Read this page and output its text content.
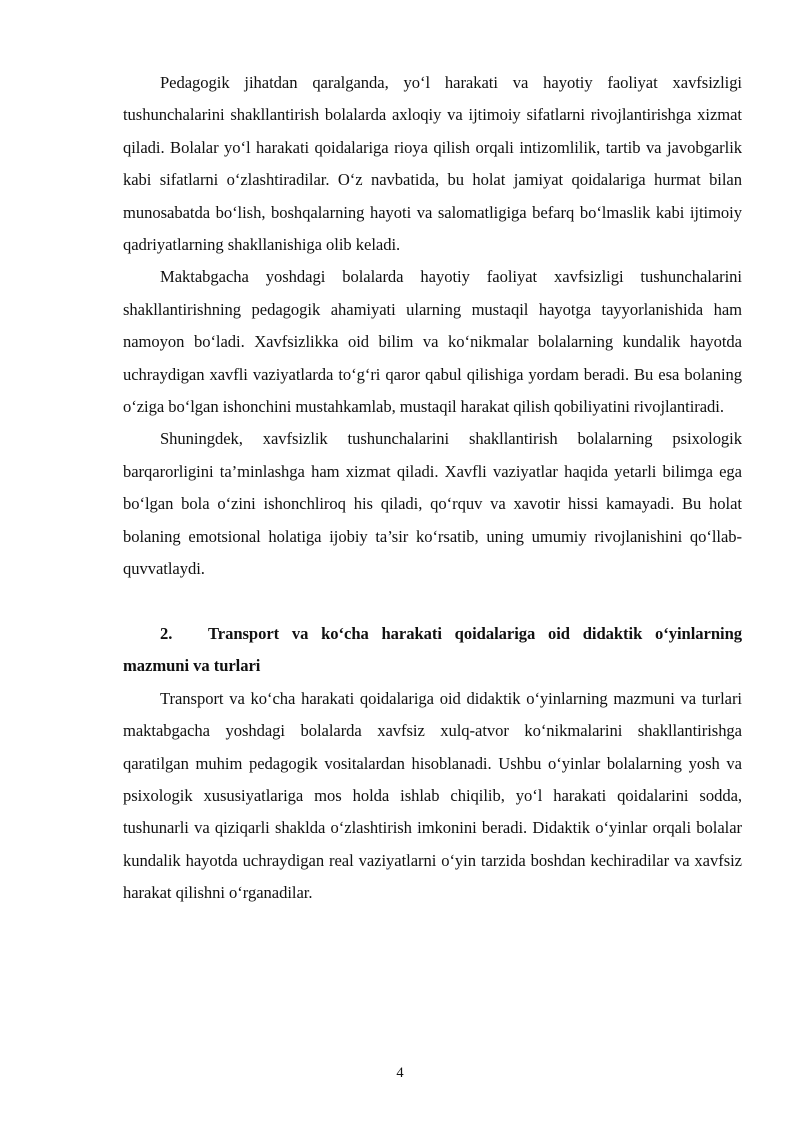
Pedagogik jihatdan qaralganda, yo‘l harakati va hayotiy faoliyat xavfsizligi tushunchalarini shakllantirish bolalarda axloqiy va ijtimoiy sifatlarni rivojlantirishga xizmat qiladi. Bolalar yo‘l harakati qoidalariga rioya qilish orqali intizomlilik, tartib va javobgarlik kabi sifatlarni o‘zlashtiradilar. O‘z navbatida, bu holat jamiyat qoidalariga hurmat bilan munosabatda bo‘lish, boshqalarning hayoti va salomatligiga befarq bo‘lmaslik kabi ijtimoiy qadriyatlarning shakllanishiga olib keladi.

Maktabgacha yoshdagi bolalarda hayotiy faoliyat xavfsizligi tushunchalarini shakllantirishning pedagogik ahamiyati ularning mustaqil hayotga tayyorlanishida ham namoyon bo‘ladi. Xavfsizlikka oid bilim va ko‘nikmalar bolalarning kundalik hayotda uchraydigan xavfli vaziyatlarda to‘g‘ri qaror qabul qilishiga yordam beradi. Bu esa bolaning o‘ziga bo‘lgan ishonchini mustahkamlab, mustaqil harakat qilish qobiliyatini rivojlantiradi.

Shuningdek, xavfsizlik tushunchalarini shakllantirish bolalarning psixologik barqarorligini ta’minlashga ham xizmat qiladi. Xavfli vaziyatlar haqida yetarli bilimga ega bo‘lgan bola o‘zini ishonchliroq his qiladi, qo‘rquv va xavotir hissi kamayadi. Bu holat bolaning emotsional holatiga ijobiy ta’sir ko‘rsatib, uning umumiy rivojlanishini qo‘llab-quvvatlaydi.

2. Transport va ko‘cha harakati qoidalariga oid didaktik o‘yinlarning mazmuni va turlari

Transport va ko‘cha harakati qoidalariga oid didaktik o‘yinlarning mazmuni va turlari maktabgacha yoshdagi bolalarda xavfsiz xulq-atvor ko‘nikmalarini shakllantirishga qaratilgan muhim pedagogik vositalardan hisoblanadi. Ushbu o‘yinlar bolalarning yosh va psixologik xususiyatlariga mos holda ishlab chiqilib, yo‘l harakati qoidalarini sodda, tushunarli va qiziqarli shaklda o‘zlashtirish imkonini beradi. Didaktik o‘yinlar orqali bolalar kundalik hayotda uchraydigan real vaziyatlarni o‘yin tarzida boshdan kechiradilar va xavfsiz harakat qilishni o‘rganadilar.

4
